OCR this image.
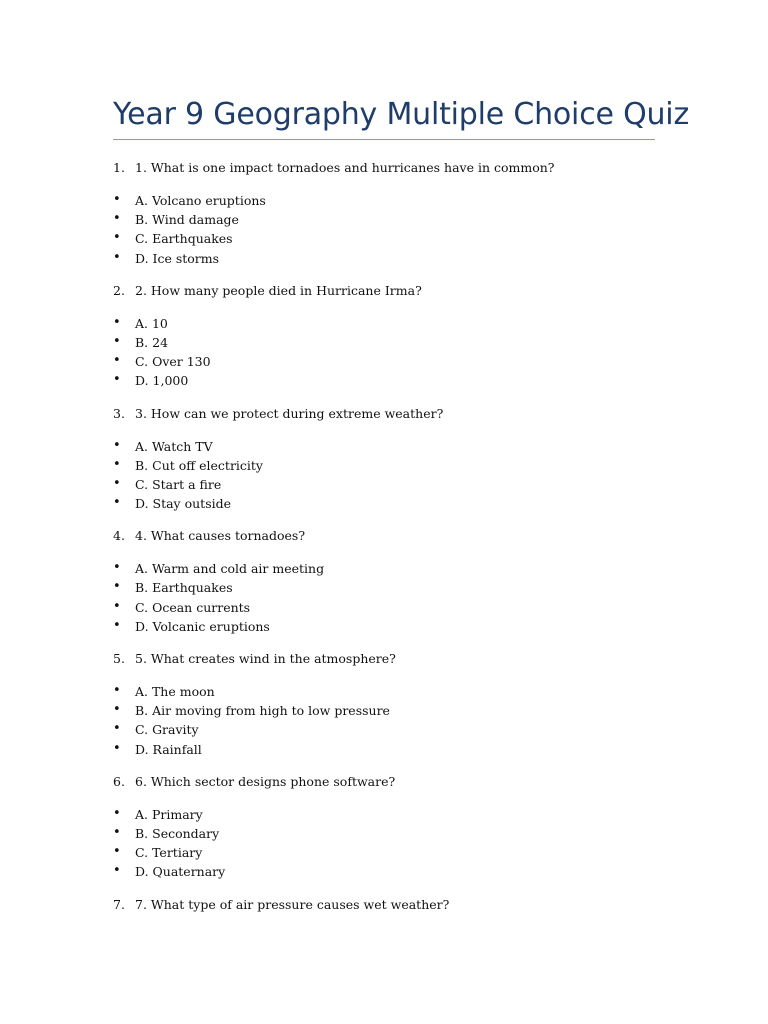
Year 9 Geography Multiple Choice Quiz
1. 1. What is one impact tornadoes and hurricanes have in common?
•	A. Volcano eruptions
•	B. Wind damage
•	C. Earthquakes
•	D. Ice storms
2. 2. How many people died in Hurricane Irma?
•	A. 10
•	B. 24
•	C. Over 130
•	D. 1,000
3. 3. How can we protect during extreme weather?
•	A. Watch TV
•	B. Cut off electricity
•	C. Start a fire
•	D. Stay outside
4. 4. What causes tornadoes?
•	A. Warm and cold air meeting
•	B. Earthquakes
•	C. Ocean currents
•	D. Volcanic eruptions
5. 5. What creates wind in the atmosphere?
•	A. The moon
•	B. Air moving from high to low pressure
•	C. Gravity
•	D. Rainfall
6. 6. Which sector designs phone software?
•	A. Primary
•	B. Secondary
•	C. Tertiary
•	D. Quaternary
7. 7. What type of air pressure causes wet weather?
